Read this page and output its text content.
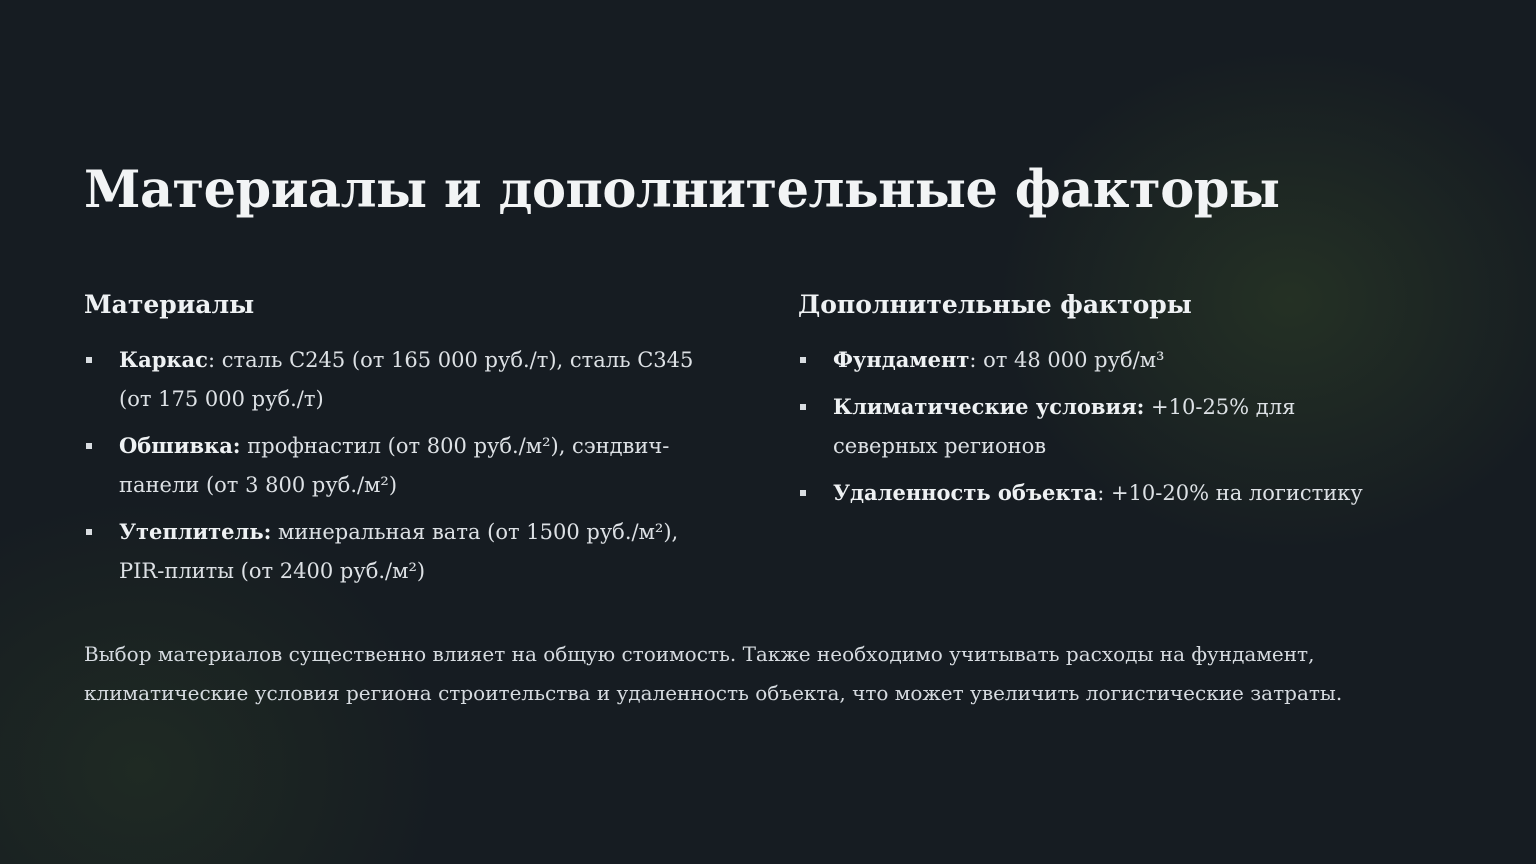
Материалы и дополнительные факторы
Материалы
Каркас: сталь С245 (от 165 000 руб./т), сталь С345 (от 175 000 руб./т)
Обшивка: профнастил (от 800 руб./м²), сэндвич-панели (от 3 800 руб./м²)
Утеплитель: минеральная вата (от 1500 руб./м²), PIR-плиты (от 2400 руб./м²)
Дополнительные факторы
Фундамент: от 48 000 руб/м³
Климатические условия: +10-25% для северных регионов
Удаленность объекта: +10-20% на логистику

Выбор материалов существенно влияет на общую стоимость. Также необходимо учитывать расходы на фундамент, климатические условия региона строительства и удаленность объекта, что может увеличить логистические затраты.
